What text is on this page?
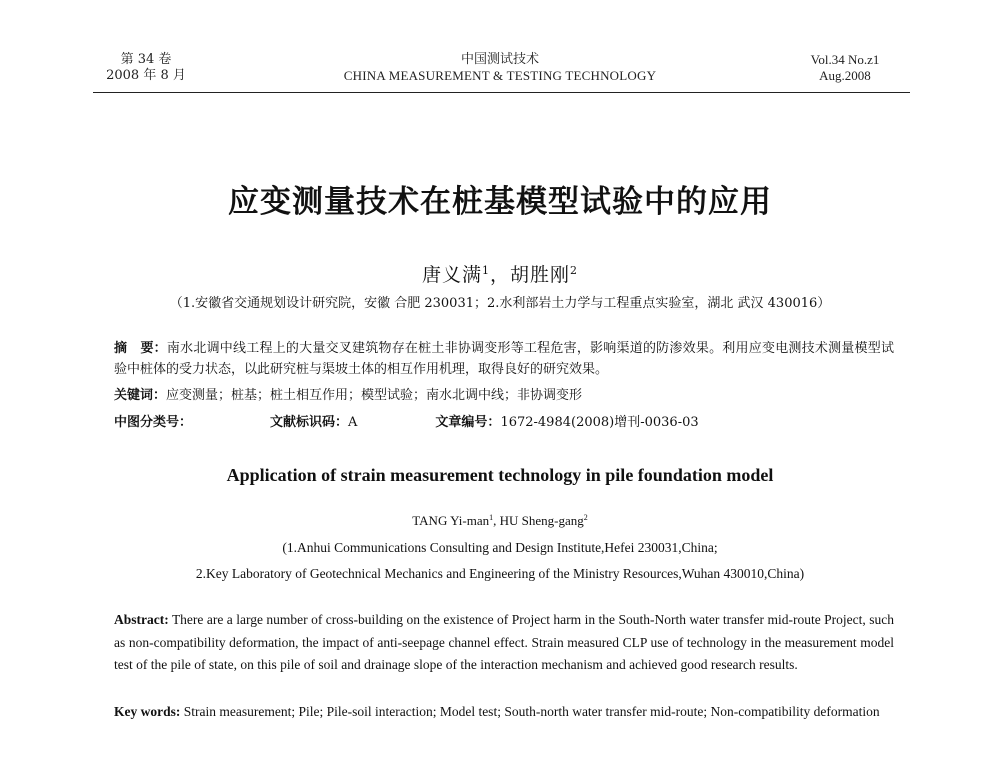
第 34 卷
2008 年 8 月
中国测试技术
CHINA MEASUREMENT & TESTING TECHNOLOGY
Vol.34 No.z1
Aug.2008
应变测量技术在桩基模型试验中的应用
唐义满$^1$，胡胜刚$^2$
（1.安徽省交通规划设计研究院，安徽 合肥 230031；2.水利部岩土力学与工程重点实验室，湖北 武汉 430016）
摘　要：南水北调中线工程上的大量交叉建筑物存在桩土非协调变形等工程危害，影响渠道的防渗效果。利用应变电测技术测量模型试验中桩体的受力状态，以此研究桩与渠坡土体的相互作用机理，取得良好的研究效果。
关键词：应变测量；桩基；桩土相互作用；模型试验；南水北调中线；非协调变形
中图分类号：	文献标识码：A	文章编号：1672-4984(2008)增刊-0036-03
Application of strain measurement technology in pile foundation model
TANG Yi-man$^1$, HU Sheng-gang$^2$
(1.Anhui Communications Consulting and Design Institute,Hefei 230031,China;
2.Key Laboratory of Geotechnical Mechanics and Engineering of the Ministry Resources,Wuhan 430010,China)
Abstract: There are a large number of cross-building on the existence of Project harm in the South-North water transfer mid-route Project, such as non-compatibility deformation, the impact of anti-seepage channel effect. Strain measured CLP use of technology in the measurement model test of the pile of state, on this pile of soil and drainage slope of the interaction mechanism and achieved good research results.
Key words: Strain measurement; Pile; Pile-soil interaction; Model test; South-north water transfer mid-route; Non-compatibility deformation
